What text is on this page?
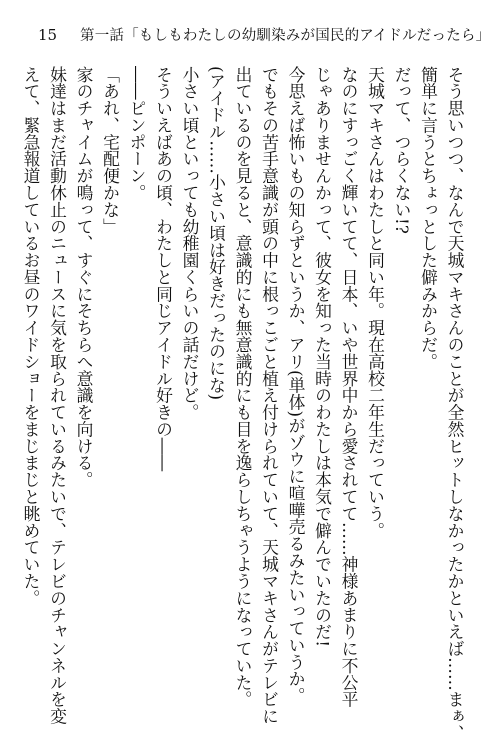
15 第一話「もしもわたしの幼馴染みが国民的アイドルだったら」
そう思いつつ、なんで天城マキさんのことが全然ヒットしなかったかといえば……まぁ、
簡単に言うとちょっとした僻みからだ。
だって、つらくない!?
天城マキさんはわたしと同い年。現在高校二年生だっていう。
なのにすっごく輝いてて、日本、いや世界中から愛されてて……神様あまりに不公平
じゃありませんかって、彼女を知った当時のわたしは本気で僻んでいたのだ!
今思えば怖いもの知らずというか、アリ(単体)がゾウに喧嘩売るみたいっていうか。
でもその苦手意識が頭の中に根っこごと植え付けられていて、天城マキさんがテレビに
出ているのを見ると、意識的にも無意識的にも目を逸らしちゃうようになっていた。
(アイドル……小さい頃は好きだったのにな)
小さい頃といっても幼稚園くらいの話だけど。
そういえばあの頃、わたしと同じアイドル好きの――
――ピンポーン。
「あれ、宅配便かな」
家のチャイムが鳴って、すぐにそちらへ意識を向ける。
妹達はまだ活動休止のニュースに気を取られているみたいで、テレビのチャンネルを変
えて、緊急報道しているお昼のワイドショーをまじまじと眺めていた。
